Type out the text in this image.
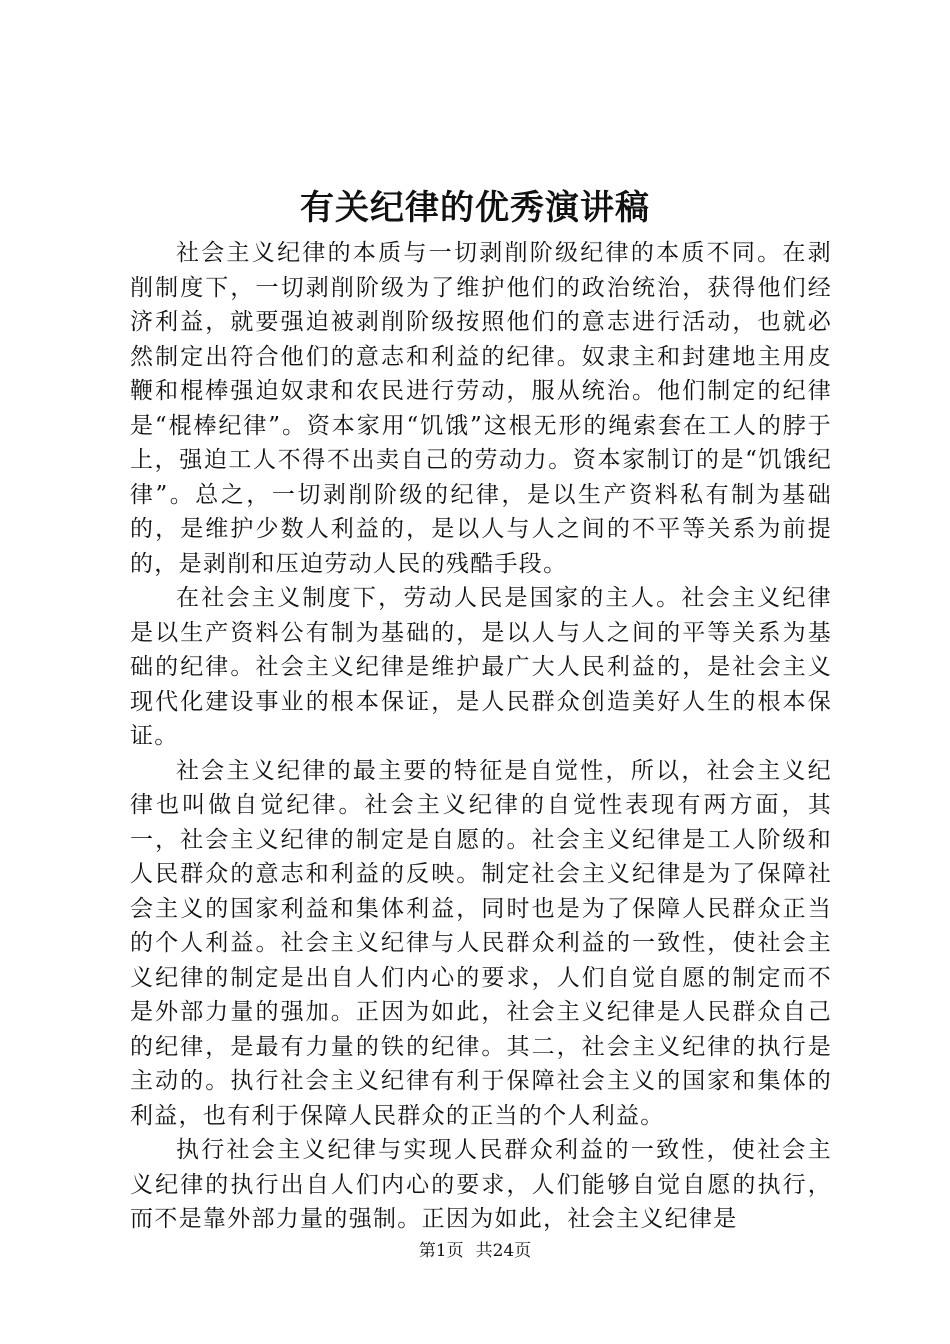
有关纪律的优秀演讲稿

社会主义纪律的本质与一切剥削阶级纪律的本质不同。在剥削制度下，一切剥削阶级为了维护他们的政治统治，获得他们经济利益，就要强迫被剥削阶级按照他们的意志进行活动，也就必然制定出符合他们的意志和利益的纪律。奴隶主和封建地主用皮鞭和棍棒强迫奴隶和农民进行劳动，服从统治。他们制定的纪律是“棍棒纪律”。资本家用“饥饿”这根无形的绳索套在工人的脖于上，强迫工人不得不出卖自己的劳动力。资本家制订的是“饥饿纪律”。总之，一切剥削阶级的纪律，是以生产资料私有制为基础的，是维护少数人利益的，是以人与人之间的不平等关系为前提的，是剥削和压迫劳动人民的残酷手段。

在社会主义制度下，劳动人民是国家的主人。社会主义纪律是以生产资料公有制为基础的，是以人与人之间的平等关系为基础的纪律。社会主义纪律是维护最广大人民利益的，是社会主义现代化建设事业的根本保证，是人民群众创造美好人生的根本保证。

社会主义纪律的最主要的特征是自觉性，所以，社会主义纪律也叫做自觉纪律。社会主义纪律的自觉性表现有两方面，其一，社会主义纪律的制定是自愿的。社会主义纪律是工人阶级和人民群众的意志和利益的反映。制定社会主义纪律是为了保障社会主义的国家利益和集体利益，同时也是为了保障人民群众正当的个人利益。社会主义纪律与人民群众利益的一致性，使社会主义纪律的制定是出自人们内心的要求，人们自觉自愿的制定而不是外部力量的强加。正因为如此，社会主义纪律是人民群众自己的纪律，是最有力量的铁的纪律。其二，社会主义纪律的执行是主动的。执行社会主义纪律有利于保障社会主义的国家和集体的利益，也有利于保障人民群众的正当的个人利益。

执行社会主义纪律与实现人民群众利益的一致性，使社会主义纪律的执行出自人们内心的要求，人们能够自觉自愿的执行，而不是靠外部力量的强制。正因为如此，社会主义纪律是

第1页 共24页
